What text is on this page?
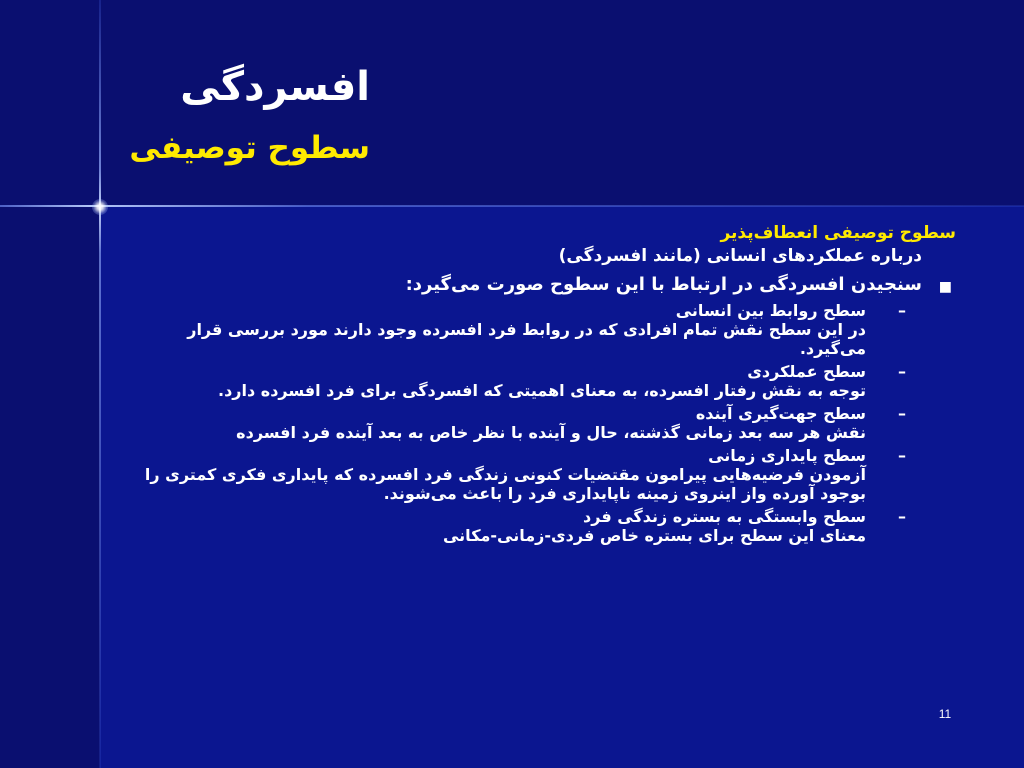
افسردگی
سطوح توصیفی
سطوح توصیفی انعطاف‌پذیر
درباره عملکردهای انسانی (مانند افسردگی)
■
سنجیدن افسردگی در ارتباط با این سطوح صورت می‌گیرد:
–
سطح روابط بین انسانی
در این سطح نقش تمام افرادی که در روابط فرد افسرده وجود دارند مورد بررسی قرار می‌گیرد.
–
سطح عملکردی
توجه به نقش رفتار افسرده، به معنای اهمیتی که افسردگی برای فرد افسرده دارد.
–
سطح جهت‌گیری آینده
نقش هر سه بعد زمانی گذشته، حال و آینده با نظر خاص به بعد آینده فرد افسرده
–
سطح پایداری زمانی
آزمودن فرضیه‌هایی پیرامون مقتضیات کنونی زندگی فرد افسرده که پایداری فکری کمتری را بوجود آورده واز اینروی زمینه ناپایداری فرد را باعث می‌شوند.
–
سطح وابستگی به بستره زندگی فرد
معنای این سطح برای بستره خاص فردی-زمانی-مکانی
11
